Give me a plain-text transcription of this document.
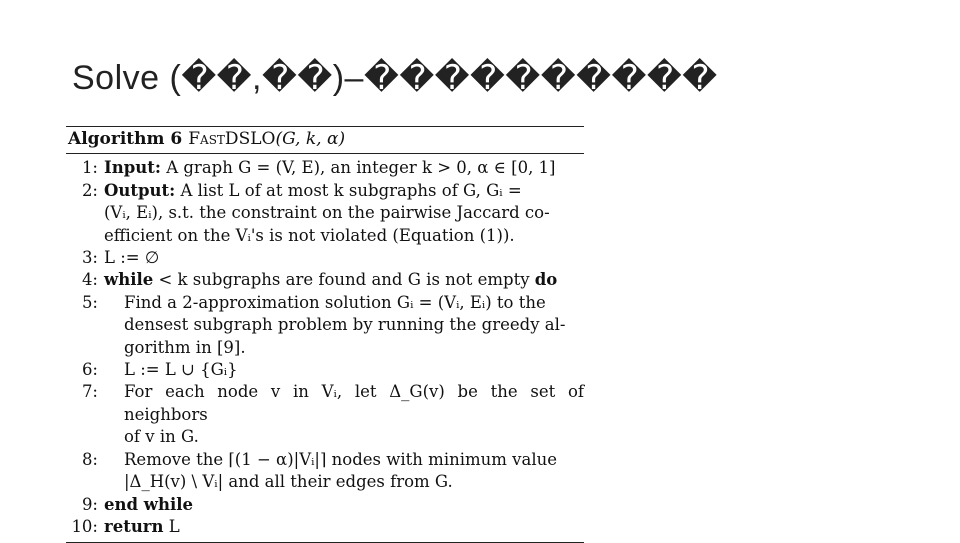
Solve (��,��)–����������
Algorithm 6 FastDSLO(G, k, α)
1: Input: A graph G = (V, E), an integer k > 0, α ∈ [0, 1]
2: Output: A list L of at most k subgraphs of G, Gᵢ =
(Vᵢ, Eᵢ), s.t. the constraint on the pairwise Jaccard co-
efficient on the Vᵢ's is not violated (Equation (1)).
3: L := ∅
4: while < k subgraphs are found and G is not empty do
5:	Find a 2-approximation solution Gᵢ = (Vᵢ, Eᵢ) to the
densest subgraph problem by running the greedy al-
gorithm in [9].
6:	L := L ∪ {Gᵢ}
7:	For each node v in Vᵢ, let Δ_G(v) be the set of neighbors
of v in G.
8:	Remove the ⌈(1 − α)|Vᵢ|⌉ nodes with minimum value
|Δ_H(v) \ Vᵢ| and all their edges from G.
9: end while
10: return L
